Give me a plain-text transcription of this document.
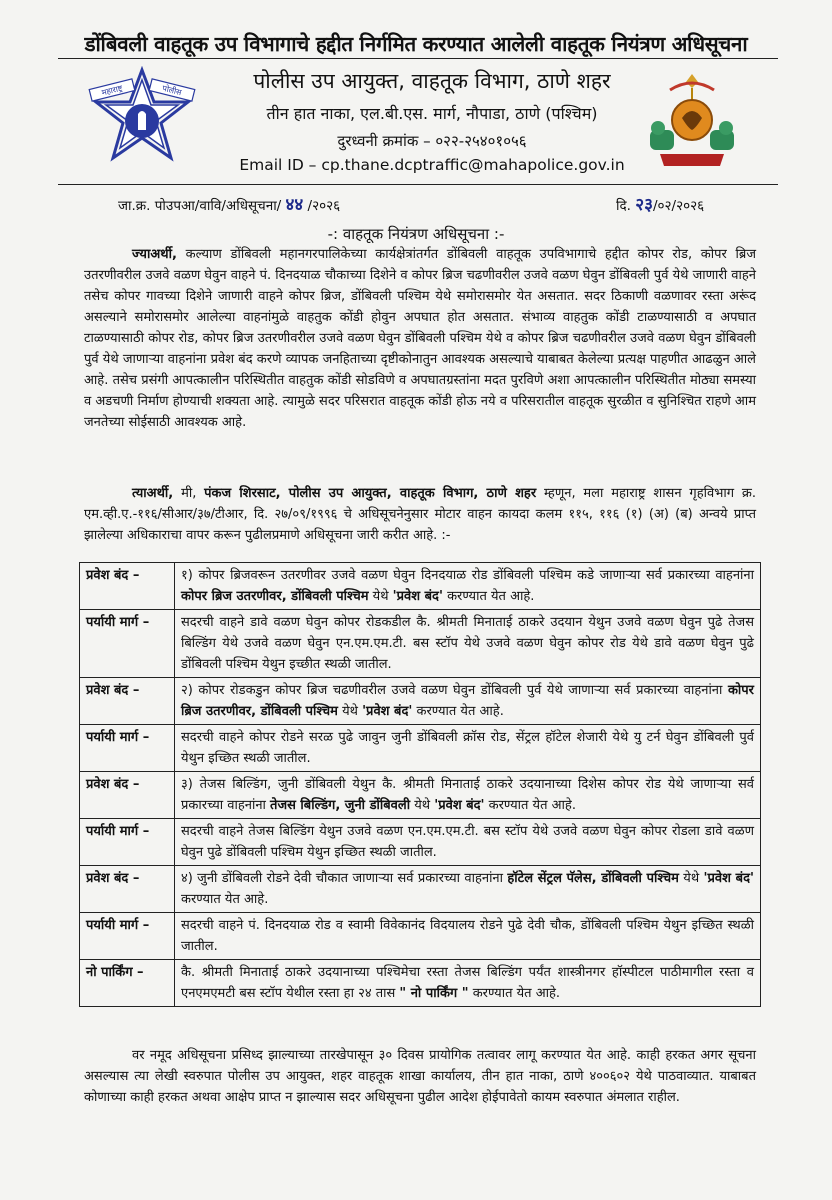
डोंबिवली वाहतूक उप विभागाचे हद्दीत निर्गमित करण्यात आलेली वाहतूक नियंत्रण अधिसूचना
महाराष्ट्र	पोलीस	पोलीस उप आयुक्त, वाहतूक विभाग, ठाणे शहर
तीन हात नाका, एल.बी.एस. मार्ग, नौपाडा, ठाणे (पश्चिम)
दुरध्वनी क्रमांक – ०२२-२५४०१०५६
Email ID – cp.thane.dcptraffic@mahapolice.gov.in
जा.क्र. पोउपआ/वावि/अधिसूचना/ ४४ /२०२६	दि. २३/०२/२०२६
-: वाहतूक नियंत्रण अधिसूचना :-
ज्याअर्थी, कल्याण डोंबिवली महानगरपालिकेच्या कार्यक्षेत्रांतर्गत डोंबिवली वाहतूक उपविभागाचे हद्दीत कोपर रोड, कोपर ब्रिज उतरणीवरील उजवे वळण घेवुन वाहने पं. दिनदयाळ चौकाच्या दिशेने व कोपर ब्रिज चढणीवरील उजवे वळण घेवुन डोंबिवली पुर्व येथे जाणारी वाहने तसेच कोपर गावच्या दिशेने जाणारी वाहने कोपर ब्रिज, डोंबिवली पश्चिम येथे समोरासमोर येत असतात. सदर ठिकाणी वळणावर रस्ता अरूंद असल्याने समोरासमोर आलेल्या वाहनांमुळे वाहतुक कोंडी होवुन अपघात होत असतात. संभाव्य वाहतुक कोंडी टाळण्यासाठी व अपघात टाळण्यासाठी कोपर रोड, कोपर ब्रिज उतरणीवरील उजवे वळण घेवुन डोंबिवली पश्चिम येथे व कोपर ब्रिज चढणीवरील उजवे वळण घेवुन डोंबिवली पुर्व येथे जाणाऱ्या वाहनांना प्रवेश बंद करणे व्यापक जनहिताच्या दृष्टीकोनातुन आवश्यक असल्याचे याबाबत केलेल्या प्रत्यक्ष पाहणीत आढळुन आले आहे. तसेच प्रसंगी आपत्कालीन परिस्थितीत वाहतुक कोंडी सोडविणे व अपघातग्रस्तांना मदत पुरविणे अशा आपत्कालीन परिस्थितीत मोठ्या समस्या व अडचणी निर्माण होण्याची शक्यता आहे. त्यामुळे सदर परिसरात वाहतूक कोंडी होऊ नये व परिसरातील वाहतूक सुरळीत व सुनिश्चित राहणे आम जनतेच्या सोईसाठी आवश्यक आहे.
त्याअर्थी, मी, पंकज शिरसाट, पोलीस उप आयुक्त, वाहतूक विभाग, ठाणे शहर म्हणून, मला महाराष्ट्र शासन गृहविभाग क्र. एम.व्ही.ए.-११६/सीआर/३७/टीआर, दि. २७/०९/१९९६ चे अधिसूचनेनुसार मोटार वाहन कायदा कलम ११५, ११६ (१) (अ) (ब) अन्वये प्राप्त झालेल्या अधिकाराचा वापर करून पुढीलप्रमाणे अधिसूचना जारी करीत आहे. :-
प्रवेश बंद –	१) कोपर ब्रिजवरून उतरणीवर उजवे वळण घेवुन दिनदयाळ रोड डोंबिवली पश्चिम कडे जाणाऱ्या सर्व प्रकारच्या वाहनांना कोपर ब्रिज उतरणीवर, डोंबिवली पश्चिम येथे 'प्रवेश बंद' करण्यात येत आहे.
पर्यायी मार्ग –	सदरची वाहने डावे वळण घेवुन कोपर रोडकडील कै. श्रीमती मिनाताई ठाकरे उदयान येथुन उजवे वळण घेवुन पुढे तेजस बिल्डिंग येथे उजवे वळण घेवुन एन.एम.एम.टी. बस स्टॉप येथे उजवे वळण घेवुन कोपर रोड येथे डावे वळण घेवुन पुढे डोंबिवली पश्चिम येथुन इच्छीत स्थळी जातील.
प्रवेश बंद –	२) कोपर रोडकडुन कोपर ब्रिज चढणीवरील उजवे वळण घेवुन डोंबिवली पुर्व येथे जाणाऱ्या सर्व प्रकारच्या वाहनांना कोपर ब्रिज उतरणीवर, डोंबिवली पश्चिम येथे 'प्रवेश बंद' करण्यात येत आहे.
पर्यायी मार्ग –	सदरची वाहने कोपर रोडने सरळ पुढे जावुन जुनी डोंबिवली क्रॉस रोड, सेंट्रल हॉटेल शेजारी येथे यु टर्न घेवुन डोंबिवली पुर्व येथुन इच्छित स्थळी जातील.
प्रवेश बंद –	३) तेजस बिल्डिंग, जुनी डोंबिवली येथुन कै. श्रीमती मिनाताई ठाकरे उदयानाच्या दिशेस कोपर रोड येथे जाणाऱ्या सर्व प्रकारच्या वाहनांना तेजस बिल्डिंग, जुनी डोंबिवली येथे 'प्रवेश बंद' करण्यात येत आहे.
पर्यायी मार्ग –	सदरची वाहने तेजस बिल्डिंग येथुन उजवे वळण एन.एम.एम.टी. बस स्टॉप येथे उजवे वळण घेवुन कोपर रोडला डावे वळण घेवुन पुढे डोंबिवली पश्चिम येथुन इच्छित स्थळी जातील.
प्रवेश बंद –	४) जुनी डोंबिवली रोडने देवी चौकात जाणाऱ्या सर्व प्रकारच्या वाहनांना हॉटेल सेंट्रल पॅलेस, डोंबिवली पश्चिम येथे 'प्रवेश बंद' करण्यात येत आहे.
पर्यायी मार्ग –	सदरची वाहने पं. दिनदयाळ रोड व स्वामी विवेकानंद विदयालय रोडने पुढे देवी चौक, डोंबिवली पश्चिम येथुन इच्छित स्थळी जातील.
नो पार्किंग –	कै. श्रीमती मिनाताई ठाकरे उदयानाच्या पश्चिमेचा रस्ता तेजस बिल्डिंग पर्यंत शास्त्रीनगर हॉस्पीटल पाठीमागील रस्ता व एनएमएमटी बस स्टॉप येथील रस्ता हा २४ तास " नो पार्किंग " करण्यात येत आहे.
वर नमूद अधिसूचना प्रसिध्द झाल्याच्या तारखेपासून ३० दिवस प्रायोगिक तत्वावर लागू करण्यात येत आहे. काही हरकत अगर सूचना असल्यास त्या लेखी स्वरुपात पोलीस उप आयुक्त, शहर वाहतूक शाखा कार्यालय, तीन हात नाका, ठाणे ४००६०२ येथे पाठवाव्यात. याबाबत कोणाच्या काही हरकत अथवा आक्षेप प्राप्त न झाल्यास सदर अधिसूचना पुढील आदेश होईपावेतो कायम स्वरुपात अंमलात राहील.
